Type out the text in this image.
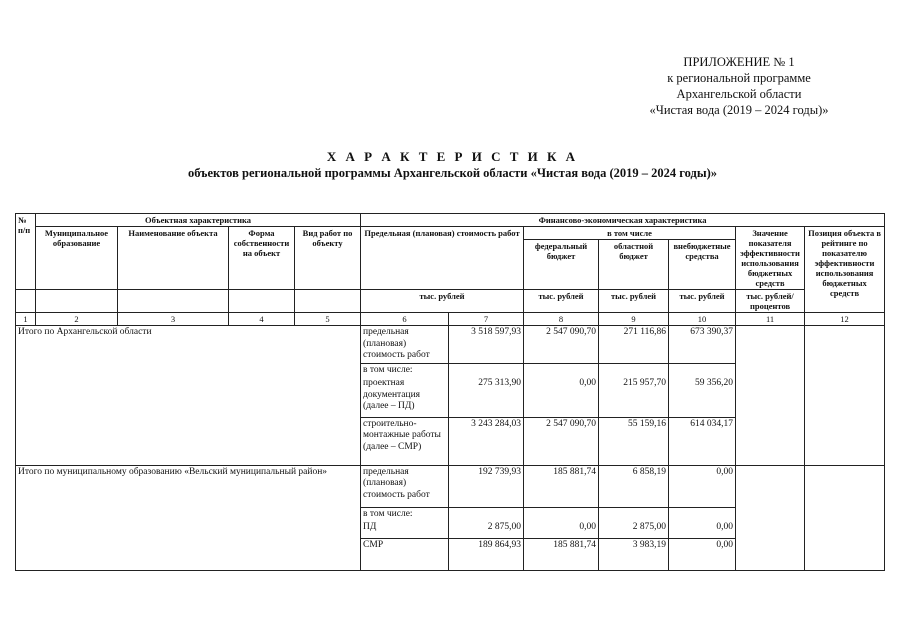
ПРИЛОЖЕНИЕ № 1
к региональной программе
Архангельской области
«Чистая вода (2019 – 2024 годы)»
Х А Р А К Т Е Р И С Т И К А
объектов региональной программы Архангельской области «Чистая вода (2019 – 2024 годы)»
№ п/п	Объектная характеристика				Финансово-экономическая характеристика						
	Муниципальное образование	Наименование объекта	Форма собственности на объект	Вид работ по объекту	Предельная (плановая) стоимость работ		в том числе			Значение показателя эффективности использования бюджетных средств	Позиция объекта в рейтинге по показателю эффективности использования бюджетных средств
							федеральный бюджет	областной бюджет	внебюджетные средства		
					тыс. рублей		тыс. рублей	тыс. рублей	тыс. рублей	тыс. рублей/ процентов	
1	2	3	4	5	6	7	8	9	10	11	12
Итого по Архангельской области					предельная (плановая) стоимость работ	3 518 597,93	2 547 090,70	271 116,86	673 390,37		
					в том числе:						
					проектная документация (далее – ПД)	275 313,90	0,00	215 957,70	59 356,20		
					строительно-монтажные работы (далее – СМР)	3 243 284,03	2 547 090,70	55 159,16	614 034,17		
Итого по муниципальному образованию «Вельский муниципальный район»					предельная (плановая) стоимость работ	192 739,93	185 881,74	6 858,19	0,00		
					в том числе:						
					ПД	2 875,00	0,00	2 875,00	0,00		
					СМР	189 864,93	185 881,74	3 983,19	0,00		
